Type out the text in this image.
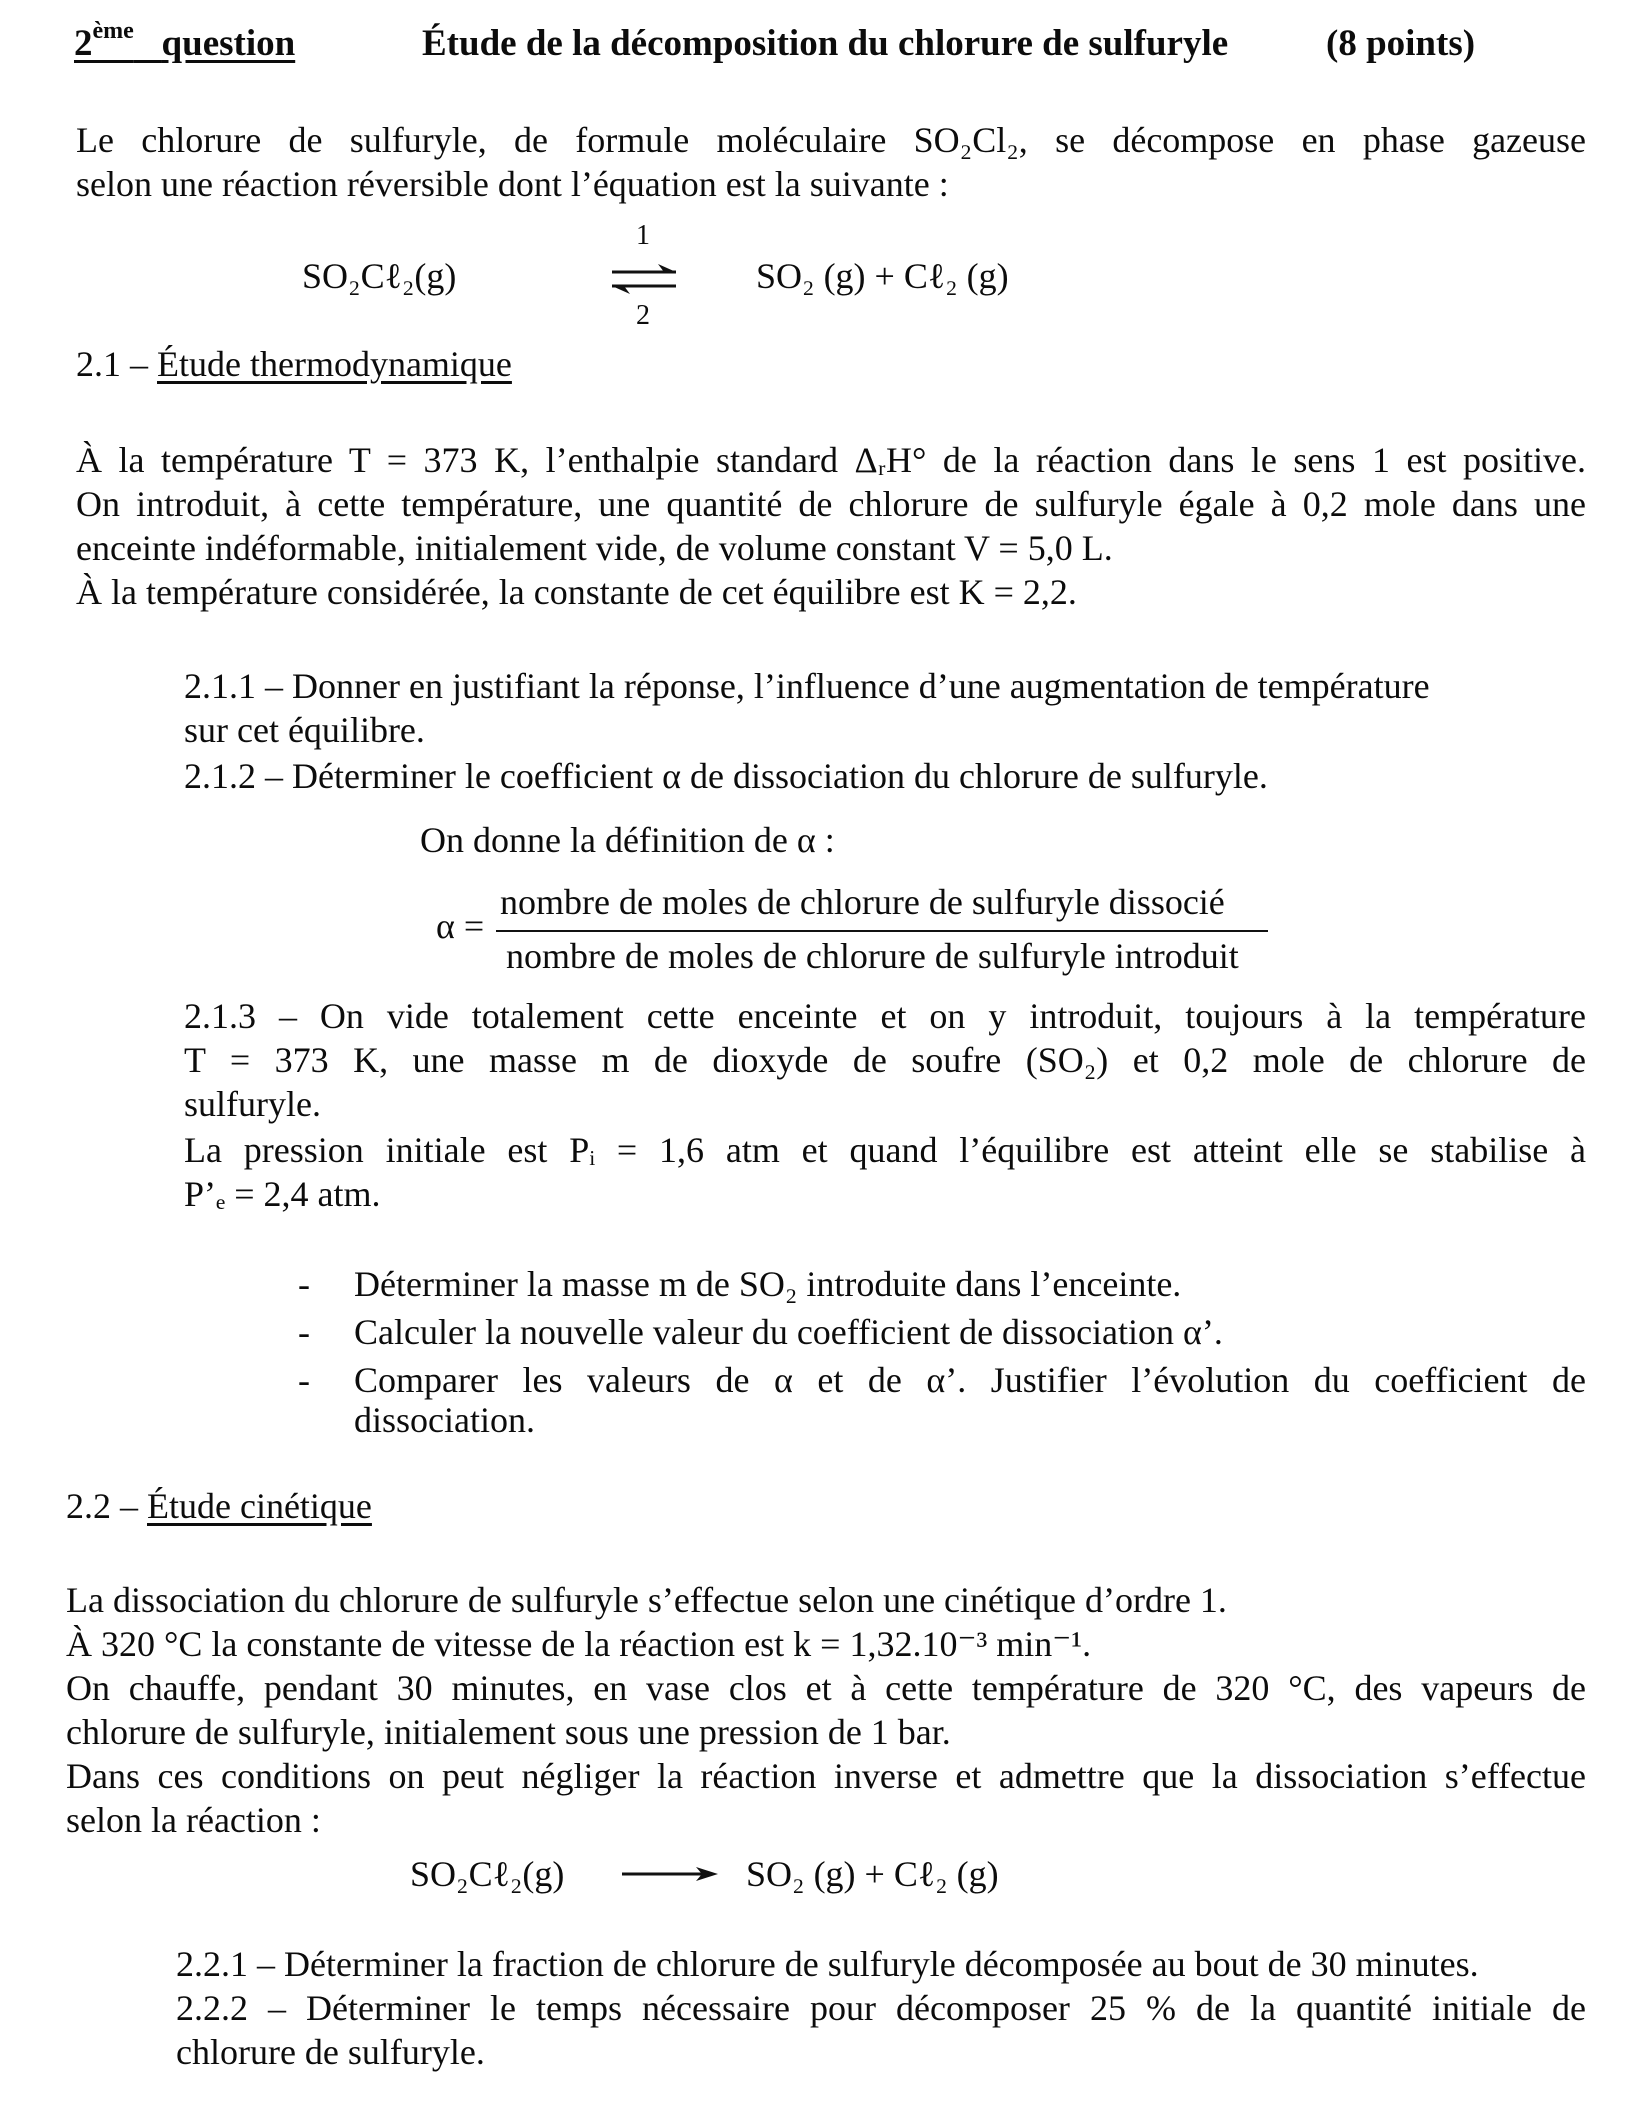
2ème question	Étude de la décomposition du chlorure de sulfuryle	(8 points)
Le chlorure de sulfuryle, de formule moléculaire SO₂Cl₂, se décompose en phase gazeuse
selon une réaction réversible dont l’équation est la suivante :
SO₂Cℓ₂(g)
1
2
SO₂ (g) + Cℓ₂ (g)
2.1 – Étude thermodynamique
À la température T = 373 K, l’enthalpie standard ΔᵣH° de la réaction dans le sens 1 est positive.
On introduit, à cette température, une quantité de chlorure de sulfuryle égale à 0,2 mole dans une
enceinte indéformable, initialement vide, de volume constant V = 5,0 L.
À la température considérée, la constante de cet équilibre est K = 2,2.
2.1.1 – Donner en justifiant la réponse, l’influence d’une augmentation de température
sur cet équilibre.
2.1.2 – Déterminer le coefficient α de dissociation du chlorure de sulfuryle.
On donne la définition de α :
α =
nombre de moles de chlorure de sulfuryle dissocié
nombre de moles de chlorure de sulfuryle introduit
2.1.3 – On vide totalement cette enceinte et on y introduit, toujours à la température
T = 373 K, une masse m de dioxyde de soufre (SO₂) et 0,2 mole de chlorure de
sulfuryle.
La pression initiale est Pᵢ = 1,6 atm et quand l’équilibre est atteint elle se stabilise à
P’ₑ = 2,4 atm.
- Déterminer la masse m de SO₂ introduite dans l’enceinte.
- Calculer la nouvelle valeur du coefficient de dissociation α’.
- Comparer les valeurs de α et de α’. Justifier l’évolution du coefficient de
dissociation.
2.2 – Étude cinétique
La dissociation du chlorure de sulfuryle s’effectue selon une cinétique d’ordre 1.
À 320 °C la constante de vitesse de la réaction est k = 1,32.10⁻³ min⁻¹.
On chauffe, pendant 30 minutes, en vase clos et à cette température de 320 °C, des vapeurs de
chlorure de sulfuryle, initialement sous une pression de 1 bar.
Dans ces conditions on peut négliger la réaction inverse et admettre que la dissociation s’effectue
selon la réaction :
SO₂Cℓ₂(g) → SO₂ (g) + Cℓ₂ (g)
2.2.1 – Déterminer la fraction de chlorure de sulfuryle décomposée au bout de 30 minutes.
2.2.2 – Déterminer le temps nécessaire pour décomposer 25 % de la quantité initiale de
chlorure de sulfuryle.
